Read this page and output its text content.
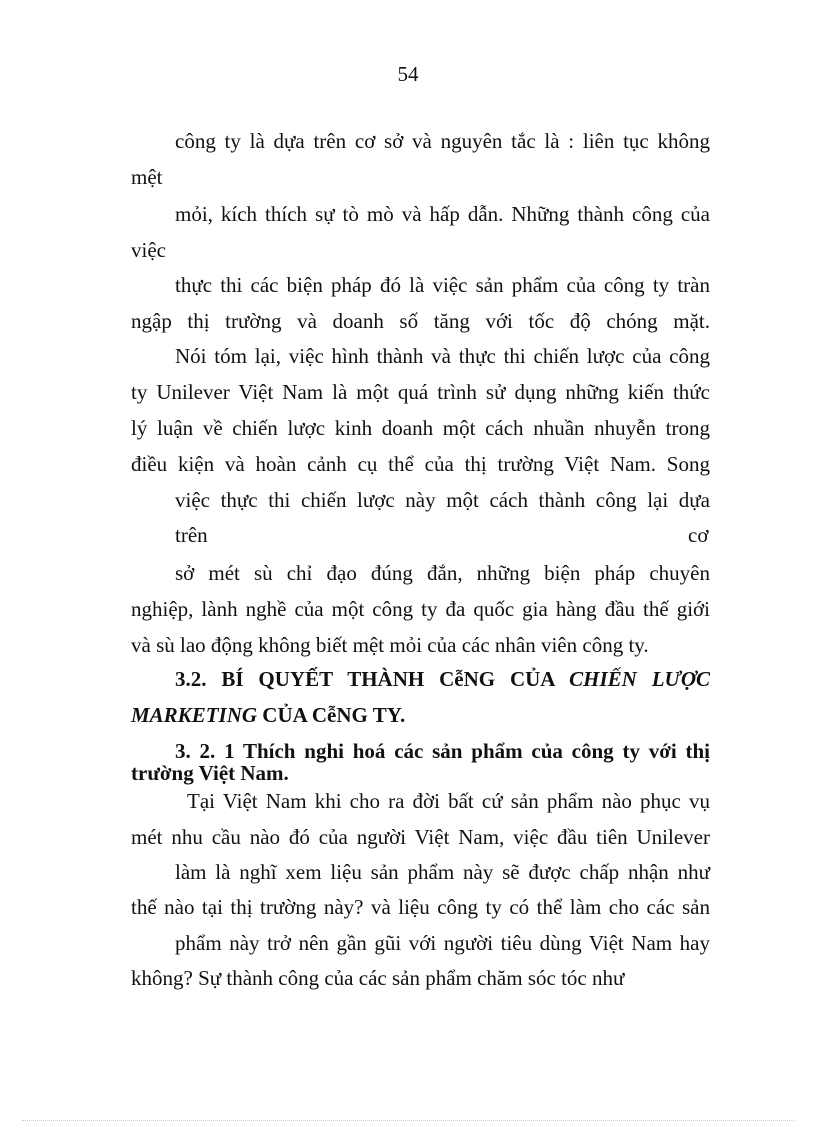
54
công ty là dựa trên cơ sở và nguyên tắc là : liên tục không
mệt
mỏi, kích thích sự tò mò và hấp dẫn. Những thành công của
việc
thực thi các biện pháp đó là việc sản phẩm của công ty tràn
ngập thị trường và doanh số tăng với tốc độ chóng mặt.
Nói tóm lại, việc hình thành và thực thi chiến lược của công
ty Unilever Việt Nam là một quá trình sử dụng những kiến thức
lý luận về chiến lược kinh doanh một cách nhuần nhuyễn trong
điều kiện và hoàn cảnh cụ thể của thị trường Việt Nam. Song
việc thực thi chiến lược này một cách thành công lại dựa
trên	cơ
sở mét sù chỉ đạo đúng đắn, những biện pháp chuyên
nghiệp, lành nghề của một công ty đa quốc gia hàng đầu thế giới
và sù lao động không biết mệt mỏi của các nhân viên công ty.
3.2. BÍ QUYẾT THÀNH CễNG CỦA CHIẾN LƯỢC
MARKETING CỦA CễNG TY.
3. 2. 1 Thích nghi hoá các sản phẩm của công ty với thị
trường Việt Nam.
Tại Việt Nam khi cho ra đời bất cứ sản phẩm nào phục vụ
mét nhu cầu nào đó của người Việt Nam, việc đầu tiên Unilever
làm là nghĩ xem liệu sản phẩm này sẽ được chấp nhận như
thế nào tại thị trường này? và liệu công ty có thể làm cho các sản
phẩm này trở nên gần gũi với người tiêu dùng Việt Nam hay
không? Sự thành công của các sản phẩm chăm sóc tóc như
